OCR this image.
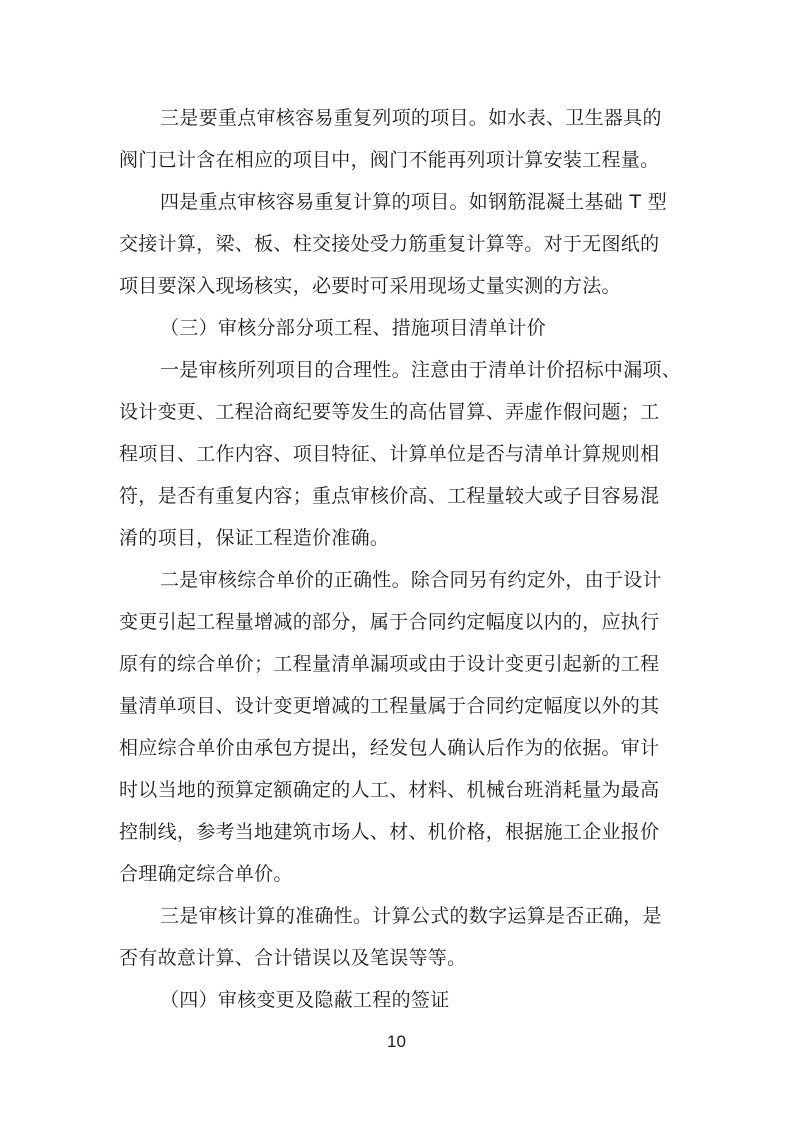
三是要重点审核容易重复列项的项目。如水表、卫生器具的
阀门已计含在相应的项目中，阀门不能再列项计算安装工程量。
四是重点审核容易重复计算的项目。如钢筋混凝土基础 T 型
交接计算，梁、板、柱交接处受力筋重复计算等。对于无图纸的
项目要深入现场核实，必要时可采用现场丈量实测的方法。
（三）审核分部分项工程、措施项目清单计价
一是审核所列项目的合理性。注意由于清单计价招标中漏项、
设计变更、工程洽商纪要等发生的高估冒算、弄虚作假问题；工
程项目、工作内容、项目特征、计算单位是否与清单计算规则相
符，是否有重复内容；重点审核价高、工程量较大或子目容易混
淆的项目，保证工程造价准确。
二是审核综合单价的正确性。除合同另有约定外，由于设计
变更引起工程量增减的部分，属于合同约定幅度以内的，应执行
原有的综合单价；工程量清单漏项或由于设计变更引起新的工程
量清单项目、设计变更增减的工程量属于合同约定幅度以外的其
相应综合单价由承包方提出，经发包人确认后作为的依据。审计
时以当地的预算定额确定的人工、材料、机械台班消耗量为最高
控制线，参考当地建筑市场人、材、机价格，根据施工企业报价
合理确定综合单价。
三是审核计算的准确性。计算公式的数字运算是否正确，是
否有故意计算、合计错误以及笔误等等。
（四）审核变更及隐蔽工程的签证
10
